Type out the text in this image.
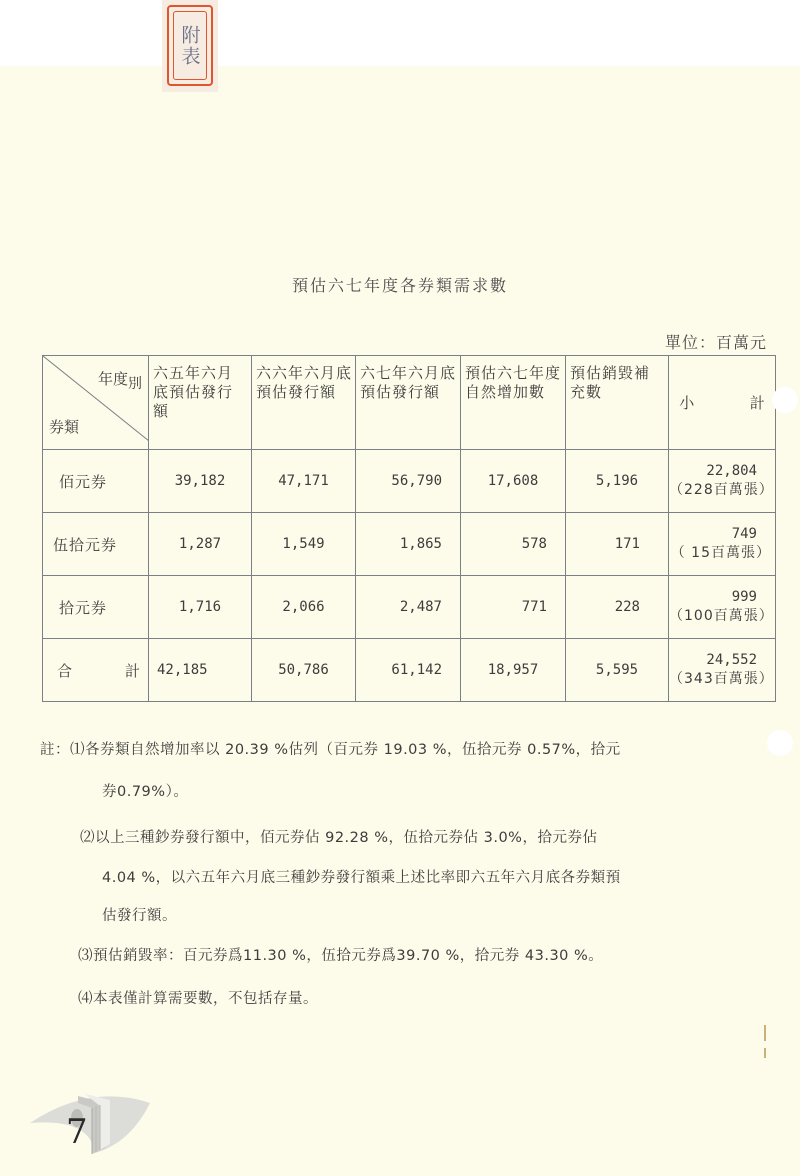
附表
預估六七年度各券類需求數
單位：百萬元
年度別
券類	六五年六月底預估發行額	六六年六月底預估發行額	六七年六月底預估發行額	預估六七年度自然增加數	預估銷毀補充數	小 計
佰元券	39,182	47,171	56,790	17,608	5,196	22,804
（228百萬張）

伍拾元券	1,287	1,549	1,865	578	171	749
（ 15百萬張）

拾元券	1,716	2,066	2,487	771	228	999
（100百萬張）

合 計	42,185	50,786	61,142	18,957	5,595	24,552
（343百萬張）
註：⑴各券類自然增加率以 20.39 %估列（百元券 19.03 %，伍拾元券 0.57%，拾元
券0.79%）。
⑵以上三種鈔券發行額中，佰元券佔 92.28 %，伍拾元券佔 3.0%，拾元券佔
4.04 %，以六五年六月底三種鈔券發行額乘上述比率即六五年六月底各券類預
估發行額。
⑶預估銷毀率：百元券爲11.30 %，伍拾元券爲39.70 %，拾元券 43.30 %。
⑷本表僅計算需要數，不包括存量。
7
